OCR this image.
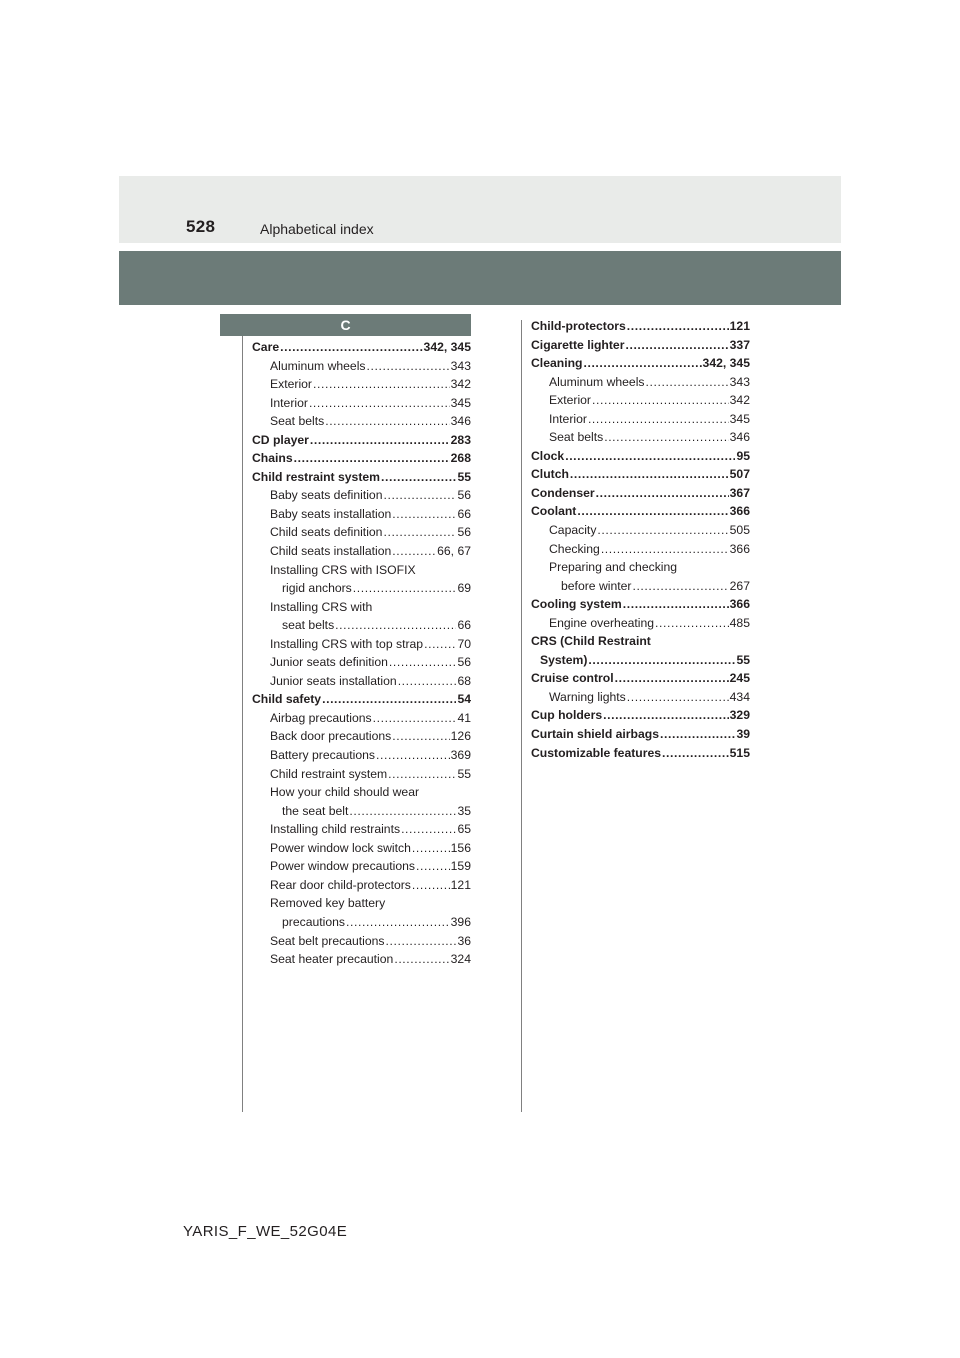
528	Alphabetical index
C
Care .....	342, 345
Aluminum wheels .....	343
Exterior .....	342
Interior .....	345
Seat belts .....	346
CD player .....	283
Chains .....	268
Child restraint system .....	55
Baby seats definition .....	56
Baby seats installation .....	66
Child seats definition .....	56
Child seats installation .....	66, 67
Installing CRS with ISOFIX
rigid anchors .....	69
Installing CRS with
seat belts .....	66
Installing CRS with top strap .....	70
Junior seats definition .....	56
Junior seats installation .....	68
Child safety .....	54
Airbag precautions .....	41
Back door precautions .....	126
Battery precautions .....	369
Child restraint system .....	55
How your child should wear
the seat belt .....	35
Installing child restraints .....	65
Power window lock switch .....	156
Power window precautions .....	159
Rear door child-protectors .....	121
Removed key battery
precautions .....	396
Seat belt precautions .....	36
Seat heater precaution .....	324
Child-protectors .....	121
Cigarette lighter .....	337
Cleaning .....	342, 345
Aluminum wheels .....	343
Exterior .....	342
Interior .....	345
Seat belts .....	346
Clock .....	95
Clutch .....	507
Condenser .....	367
Coolant .....	366
Capacity .....	505
Checking .....	366
Preparing and checking
before winter .....	267
Cooling system .....	366
Engine overheating .....	485
CRS (Child Restraint
System) .....	55
Cruise control .....	245
Warning lights .....	434
Cup holders .....	329
Curtain shield airbags .....	39
Customizable features .....	515
YARIS_F_WE_52G04E
